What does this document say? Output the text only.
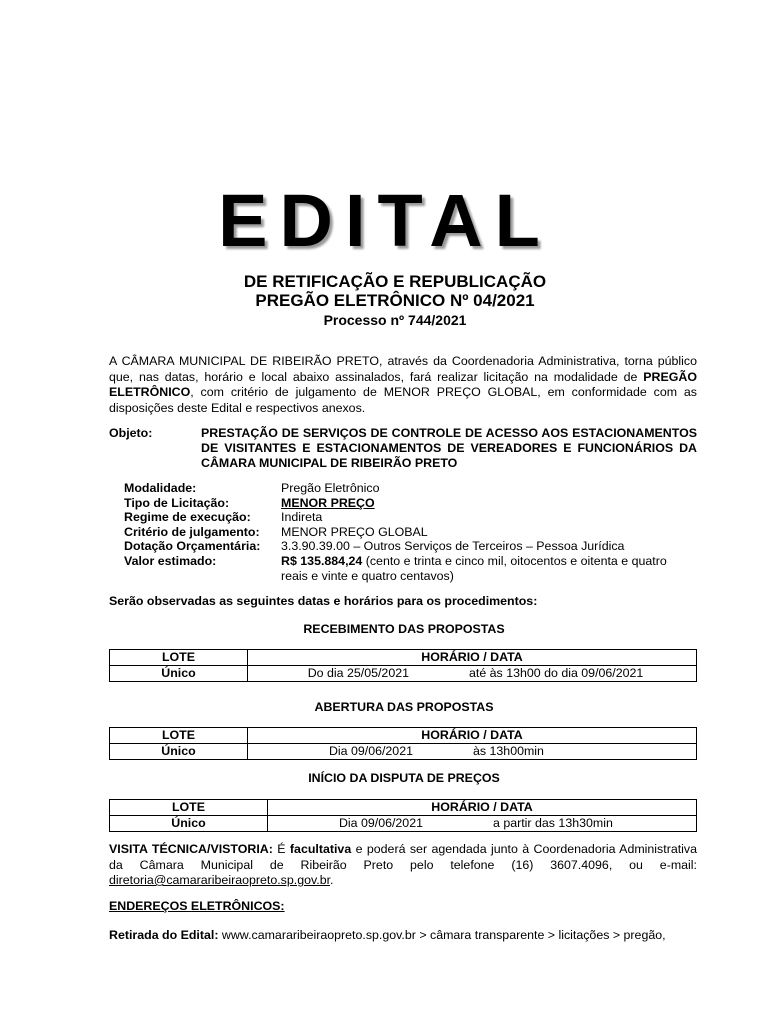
EDITAL
DE RETIFICAÇÃO E REPUBLICAÇÃO
PREGÃO ELETRÔNICO Nº 04/2021
Processo nº 744/2021
A CÂMARA MUNICIPAL DE RIBEIRÃO PRETO, através da Coordenadoria Administrativa, torna público que, nas datas, horário e local abaixo assinalados, fará realizar licitação na modalidade de PREGÃO ELETRÔNICO, com critério de julgamento de MENOR PREÇO GLOBAL, em conformidade com as disposições deste Edital e respectivos anexos.
Objeto:	PRESTAÇÃO DE SERVIÇOS DE CONTROLE DE ACESSO AOS ESTACIONAMENTOS DE VISITANTES E ESTACIONAMENTOS DE VEREADORES E FUNCIONÁRIOS DA CÂMARA MUNICIPAL DE RIBEIRÃO PRETO
Modalidade:	Pregão Eletrônico
Tipo de Licitação:	MENOR PREÇO
Regime de execução:	Indireta
Critério de julgamento:	MENOR PREÇO GLOBAL
Dotação Orçamentária:	3.3.90.39.00 – Outros Serviços de Terceiros – Pessoa Jurídica
Valor estimado:	R$ 135.884,24 (cento e trinta e cinco mil, oitocentos e oitenta e quatro reais e vinte e quatro centavos)
Serão observadas as seguintes datas e horários para os procedimentos:
RECEBIMENTO DAS PROPOSTAS
LOTE	HORÁRIO / DATA
Único	Do dia 25/05/2021 até às 13h00 do dia 09/06/2021
ABERTURA DAS PROPOSTAS
LOTE	HORÁRIO / DATA
Único	Dia 09/06/2021 às 13h00min
INÍCIO DA DISPUTA DE PREÇOS
LOTE	HORÁRIO / DATA
Único	Dia 09/06/2021 a partir das 13h30min
VISITA TÉCNICA/VISTORIA: É facultativa e poderá ser agendada junto à Coordenadoria Administrativa da Câmara Municipal de Ribeirão Preto pelo telefone (16) 3607.4096, ou e-mail: diretoria@camararibeiraopreto.sp.gov.br.
ENDEREÇOS ELETRÔNICOS:
Retirada do Edital: www.camararibeiraopreto.sp.gov.br > câmara transparente > licitações > pregão,
